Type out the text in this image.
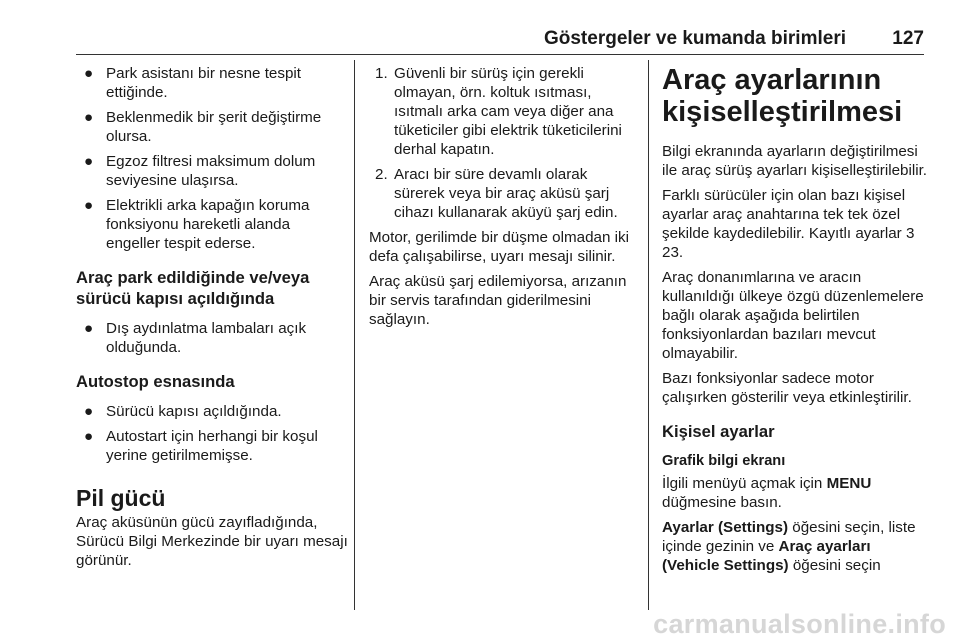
Göstergeler ve kumanda birimleri 127
● Park asistanı bir nesne tespit ettiğinde.
● Beklenmedik bir şerit değiştirme olursa.
● Egzoz filtresi maksimum dolum seviyesine ulaşırsa.
● Elektrikli arka kapağın koruma fonksiyonu hareketli alanda engeller tespit ederse.
Araç park edildiğinde ve/veya sürücü kapısı açıldığında
● Dış aydınlatma lambaları açık olduğunda.
Autostop esnasında
● Sürücü kapısı açıldığında.
● Autostart için herhangi bir koşul yerine getirilmemişse.
Pil gücü
Araç aküsünün gücü zayıfladığında, Sürücü Bilgi Merkezinde bir uyarı mesajı görünür.
1. Güvenli bir sürüş için gerekli olmayan, örn. koltuk ısıtması, ısıtmalı arka cam veya diğer ana tüketiciler gibi elektrik tüketicilerini derhal kapatın.
2. Aracı bir süre devamlı olarak sürerek veya bir araç aküsü şarj cihazı kullanarak aküyü şarj edin.
Motor, gerilimde bir düşme olmadan iki defa çalışabilirse, uyarı mesajı silinir.
Araç aküsü şarj edilemiyorsa, arızanın bir servis tarafından giderilmesini sağlayın.
Araç ayarlarının kişiselleştirilmesi
Bilgi ekranında ayarların değiştirilmesi ile araç sürüş ayarları kişiselleştirilebilir.
Farklı sürücüler için olan bazı kişisel ayarlar araç anahtarına tek tek özel şekilde kaydedilebilir. Kayıtlı ayarlar 3 23.
Araç donanımlarına ve aracın kullanıldığı ülkeye özgü düzenlemelere bağlı olarak aşağıda belirtilen fonksiyonlardan bazıları mevcut olmayabilir.
Bazı fonksiyonlar sadece motor çalışırken gösterilir veya etkinleştirilir.
Kişisel ayarlar
Grafik bilgi ekranı
İlgili menüyü açmak için MENU düğmesine basın.
Ayarlar (Settings) öğesini seçin, liste içinde gezinin ve Araç ayarları (Vehicle Settings) öğesini seçin
carmanualsonline.info
